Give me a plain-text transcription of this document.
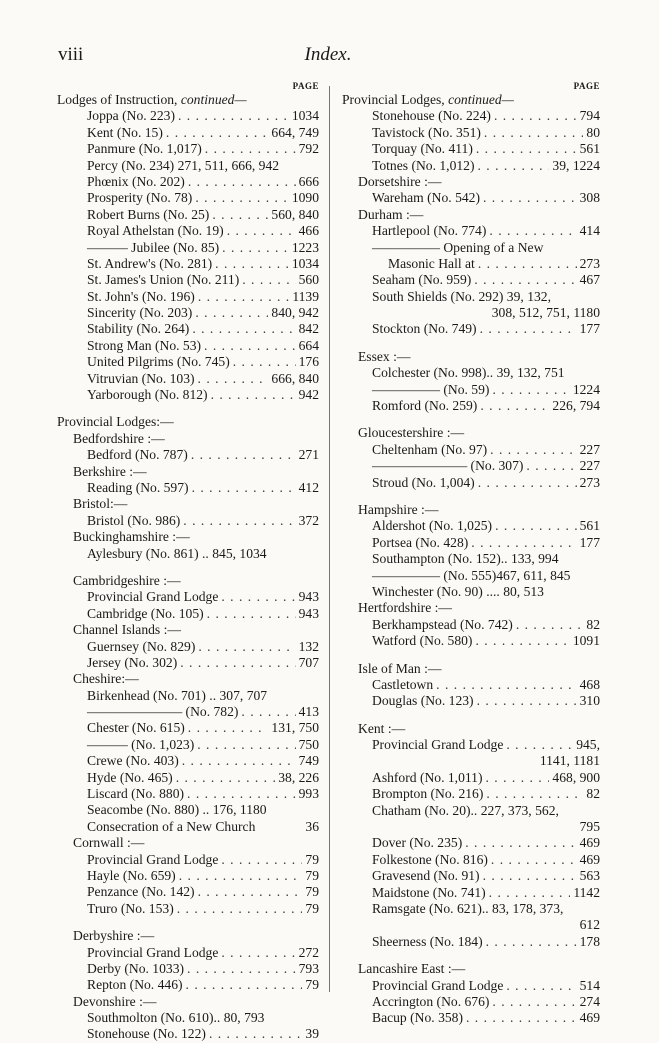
viii	Index.
PAGE
Lodges of Instruction, continued—
Joppa (No. 223) . . .	1034
Kent (No. 15) . . .	664, 749
Panmure (No. 1,017) . . .	792
Percy (No. 234) 271, 511, 666, 942
Phœnix (No. 202) . . .	666
Prosperity (No. 78) . . .	1090
Robert Burns (No. 25) . . .	560, 840
Royal Athelstan (No. 19) . . .	466
——— Jubilee (No. 85) . . .	1223
St. Andrew's (No. 281) . . .	1034
St. James's Union (No. 211) . . .	560
St. John's (No. 196) . . .	1139
Sincerity (No. 203) . . .	840, 942
Stability (No. 264) . . .	842
Strong Man (No. 53) . . .	664
United Pilgrims (No. 745) . . .	176
Vitruvian (No. 103) . . .	666, 840
Yarborough (No. 812) . . .	942
Provincial Lodges:—
Bedfordshire :—
Bedford (No. 787) . . .	271
Berkshire :—
Reading (No. 597) . . .	412
Bristol:—
Bristol (No. 986) . . .	372
Buckinghamshire :—
Aylesbury (No. 861) .. 845, 1034
Cambridgeshire :—
Provincial Grand Lodge . . .	943
Cambridge (No. 105) . . .	943
Channel Islands :—
Guernsey (No. 829) . . .	132
Jersey (No. 302) . . .	707
Cheshire:—
Birkenhead (No. 701) .. 307, 707
——————— (No. 782) . . .	413
Chester (No. 615) . . .	131, 750
——— (No. 1,023) . . .	750
Crewe (No. 403) . . .	749
Hyde (No. 465) . . .	38, 226
Liscard (No. 880) . . .	993
Seacombe (No. 880) .. 176, 1180
Consecration of a New Church	36
Cornwall :—
Provincial Grand Lodge . . .	79
Hayle (No. 659) . . .	79
Penzance (No. 142) . . .	79
Truro (No. 153) . . .	79
Derbyshire :—
Provincial Grand Lodge . . .	272
Derby (No. 1033) . . .	793
Repton (No. 446) . . .	79
Devonshire :—
Southmolton (No. 610).. 80, 793
Stonehouse (No. 122) . . .	39
PAGE
Provincial Lodges, continued—
Stonehouse (No. 224) . . .	794
Tavistock (No. 351) . . .	80
Torquay (No. 411) . . .	561
Totnes (No. 1,012) . . .	39, 1224
Dorsetshire :—
Wareham (No. 542) . . .	308
Durham :—
Hartlepool (No. 774) . . .	414
————— Opening of a New
Masonic Hall at . . .	273
Seaham (No. 959) . . .	467
South Shields (No. 292) 39, 132,
308, 512, 751, 1180
Stockton (No. 749) . . .	177
Essex :—
Colchester (No. 998).. 39, 132, 751
————— (No. 59) . . .	1224
Romford (No. 259) . . .	226, 794
Gloucestershire :—
Cheltenham (No. 97) . . .	227
——————— (No. 307) . . .	227
Stroud (No. 1,004) . . .	273
Hampshire :—
Aldershot (No. 1,025) . . .	561
Portsea (No. 428) . . .	177
Southampton (No. 152).. 133, 994
————— (No. 555)467, 611, 845
Winchester (No. 90) .... 80, 513
Hertfordshire :—
Berkhampstead (No. 742) . . .	82
Watford (No. 580) . . .	1091
Isle of Man :—
Castletown . . .	468
Douglas (No. 123) . . .	310
Kent :—
Provincial Grand Lodge . . .	945,
1141, 1181
Ashford (No. 1,011) . . .	468, 900
Brompton (No. 216) . . .	82
Chatham (No. 20).. 227, 373, 562,
795
Dover (No. 235) . . .	469
Folkestone (No. 816) . . .	469
Gravesend (No. 91) . . .	563
Maidstone (No. 741) . . .	1142
Ramsgate (No. 621).. 83, 178, 373,
612
Sheerness (No. 184) . . .	178
Lancashire East :—
Provincial Grand Lodge . . .	514
Accrington (No. 676) . . .	274
Bacup (No. 358) . . .	469
